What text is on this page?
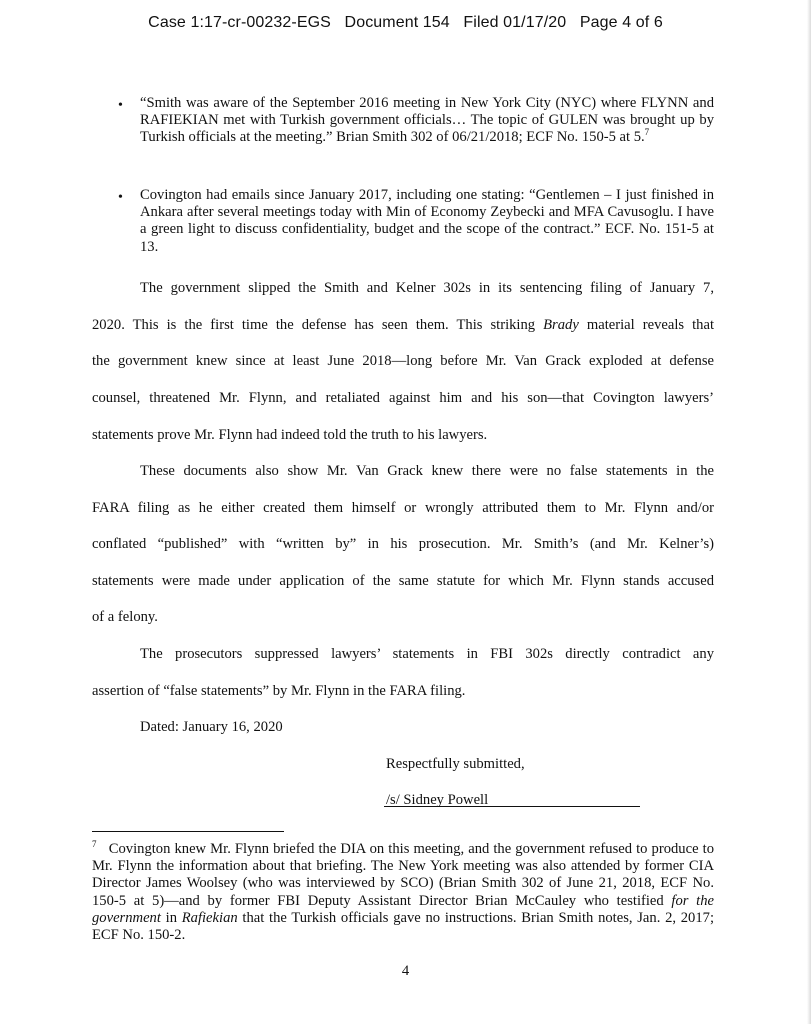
Case 1:17-cr-00232-EGS   Document 154   Filed 01/17/20   Page 4 of 6
• “Smith was aware of the September 2016 meeting in New York City (NYC) where FLYNN and RAFIEKIAN met with Turkish government officials… The topic of GULEN was brought up by Turkish officials at the meeting.” Brian Smith 302 of 06/21/2018; ECF No. 150-5 at 5.$^7$

• Covington had emails since January 2017, including one stating: “Gentlemen – I just finished in Ankara after several meetings today with Min of Economy Zeybecki and MFA Cavusoglu. I have a green light to discuss confidentiality, budget and the scope of the contract.” ECF. No. 151-5 at 13.

The government slipped the Smith and Kelner 302s in its sentencing filing of January 7,

2020. This is the first time the defense has seen them. This striking Brady material reveals that

the government knew since at least June 2018—long before Mr. Van Grack exploded at defense

counsel, threatened Mr. Flynn, and retaliated against him and his son—that Covington lawyers’

statements prove Mr. Flynn had indeed told the truth to his lawyers.

These documents also show Mr. Van Grack knew there were no false statements in the

FARA filing as he either created them himself or wrongly attributed them to Mr. Flynn and/or

conflated “published” with “written by” in his prosecution. Mr. Smith’s (and Mr. Kelner’s)

statements were made under application of the same statute for which Mr. Flynn stands accused

of a felony.

The prosecutors suppressed lawyers’ statements in FBI 302s directly contradict any

assertion of “false statements” by Mr. Flynn in the FARA filing.

Dated: January 16, 2020

Respectfully submitted,

/s/ Sidney Powell

$^7$ Covington knew Mr. Flynn briefed the DIA on this meeting, and the government refused to produce to Mr. Flynn the information about that briefing. The New York meeting was also attended by former CIA Director James Woolsey (who was interviewed by SCO) (Brian Smith 302 of June 21, 2018, ECF No. 150-5 at 5)—and by former FBI Deputy Assistant Director Brian McCauley who testified for the government in Rafiekian that the Turkish officials gave no instructions. Brian Smith notes, Jan. 2, 2017; ECF No. 150-2.

4
